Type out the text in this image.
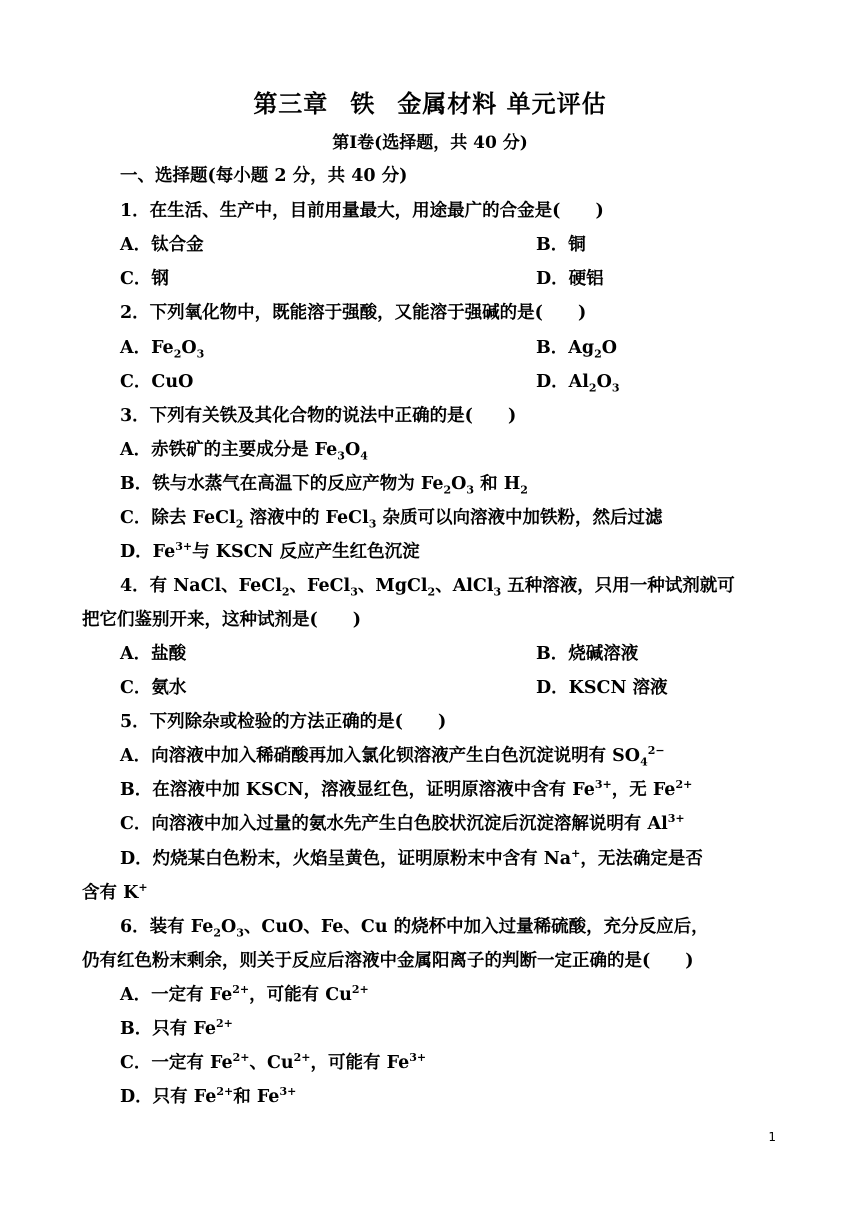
第三章 铁 金属材料 单元评估
第Ⅰ卷(选择题，共 40 分)
一、选择题(每小题 2 分，共 40 分)
1．在生活、生产中，目前用量最大，用途最广的合金是(　　)
A．钛合金	B．铜
C．钢	D．硬铝
2．下列氧化物中，既能溶于强酸，又能溶于强碱的是(　　)
A．$Fe_2O_3$	B．$Ag_2O$
C．CuO	D．$Al_2O_3$
3．下列有关铁及其化合物的说法中正确的是(　　)
A．赤铁矿的主要成分是 $Fe_3O_4$
B．铁与水蒸气在高温下的反应产物为 $Fe_2O_3$ 和 $H_2$
C．除去 FeCl$_2$ 溶液中的 FeCl$_3$ 杂质可以向溶液中加铁粉，然后过滤
D．$Fe^{3+}$与 KSCN 反应产生红色沉淀
4．有 NaCl、FeCl$_2$、FeCl$_3$、MgCl$_2$、AlCl$_3$ 五种溶液，只用一种试剂就可
把它们鉴别开来，这种试剂是(　　)
A．盐酸	B．烧碱溶液
C．氨水	D．KSCN 溶液
5．下列除杂或检验的方法正确的是(　　)
A．向溶液中加入稀硝酸再加入氯化钡溶液产生白色沉淀说明有 $SO_4^{2-}$
B．在溶液中加 KSCN，溶液显红色，证明原溶液中含有 $Fe^{3+}$，无 $Fe^{2+}$
C．向溶液中加入过量的氨水先产生白色胶状沉淀后沉淀溶解说明有 $Al^{3+}$
D．灼烧某白色粉末，火焰呈黄色，证明原粉末中含有 Na+，无法确定是否
含有 K+
6．装有 $Fe_2O_3$、CuO、Fe、Cu 的烧杯中加入过量稀硫酸，充分反应后，
仍有红色粉末剩余，则关于反应后溶液中金属阳离子的判断一定正确的是(　　)
A．一定有 $Fe^{2+}$，可能有 $Cu^{2+}$
B．只有 $Fe^{2+}$
C．一定有 $Fe^{2+}$、$Cu^{2+}$，可能有 $Fe^{3+}$
D．只有 $Fe^{2+}$和 $Fe^{3+}$
1
